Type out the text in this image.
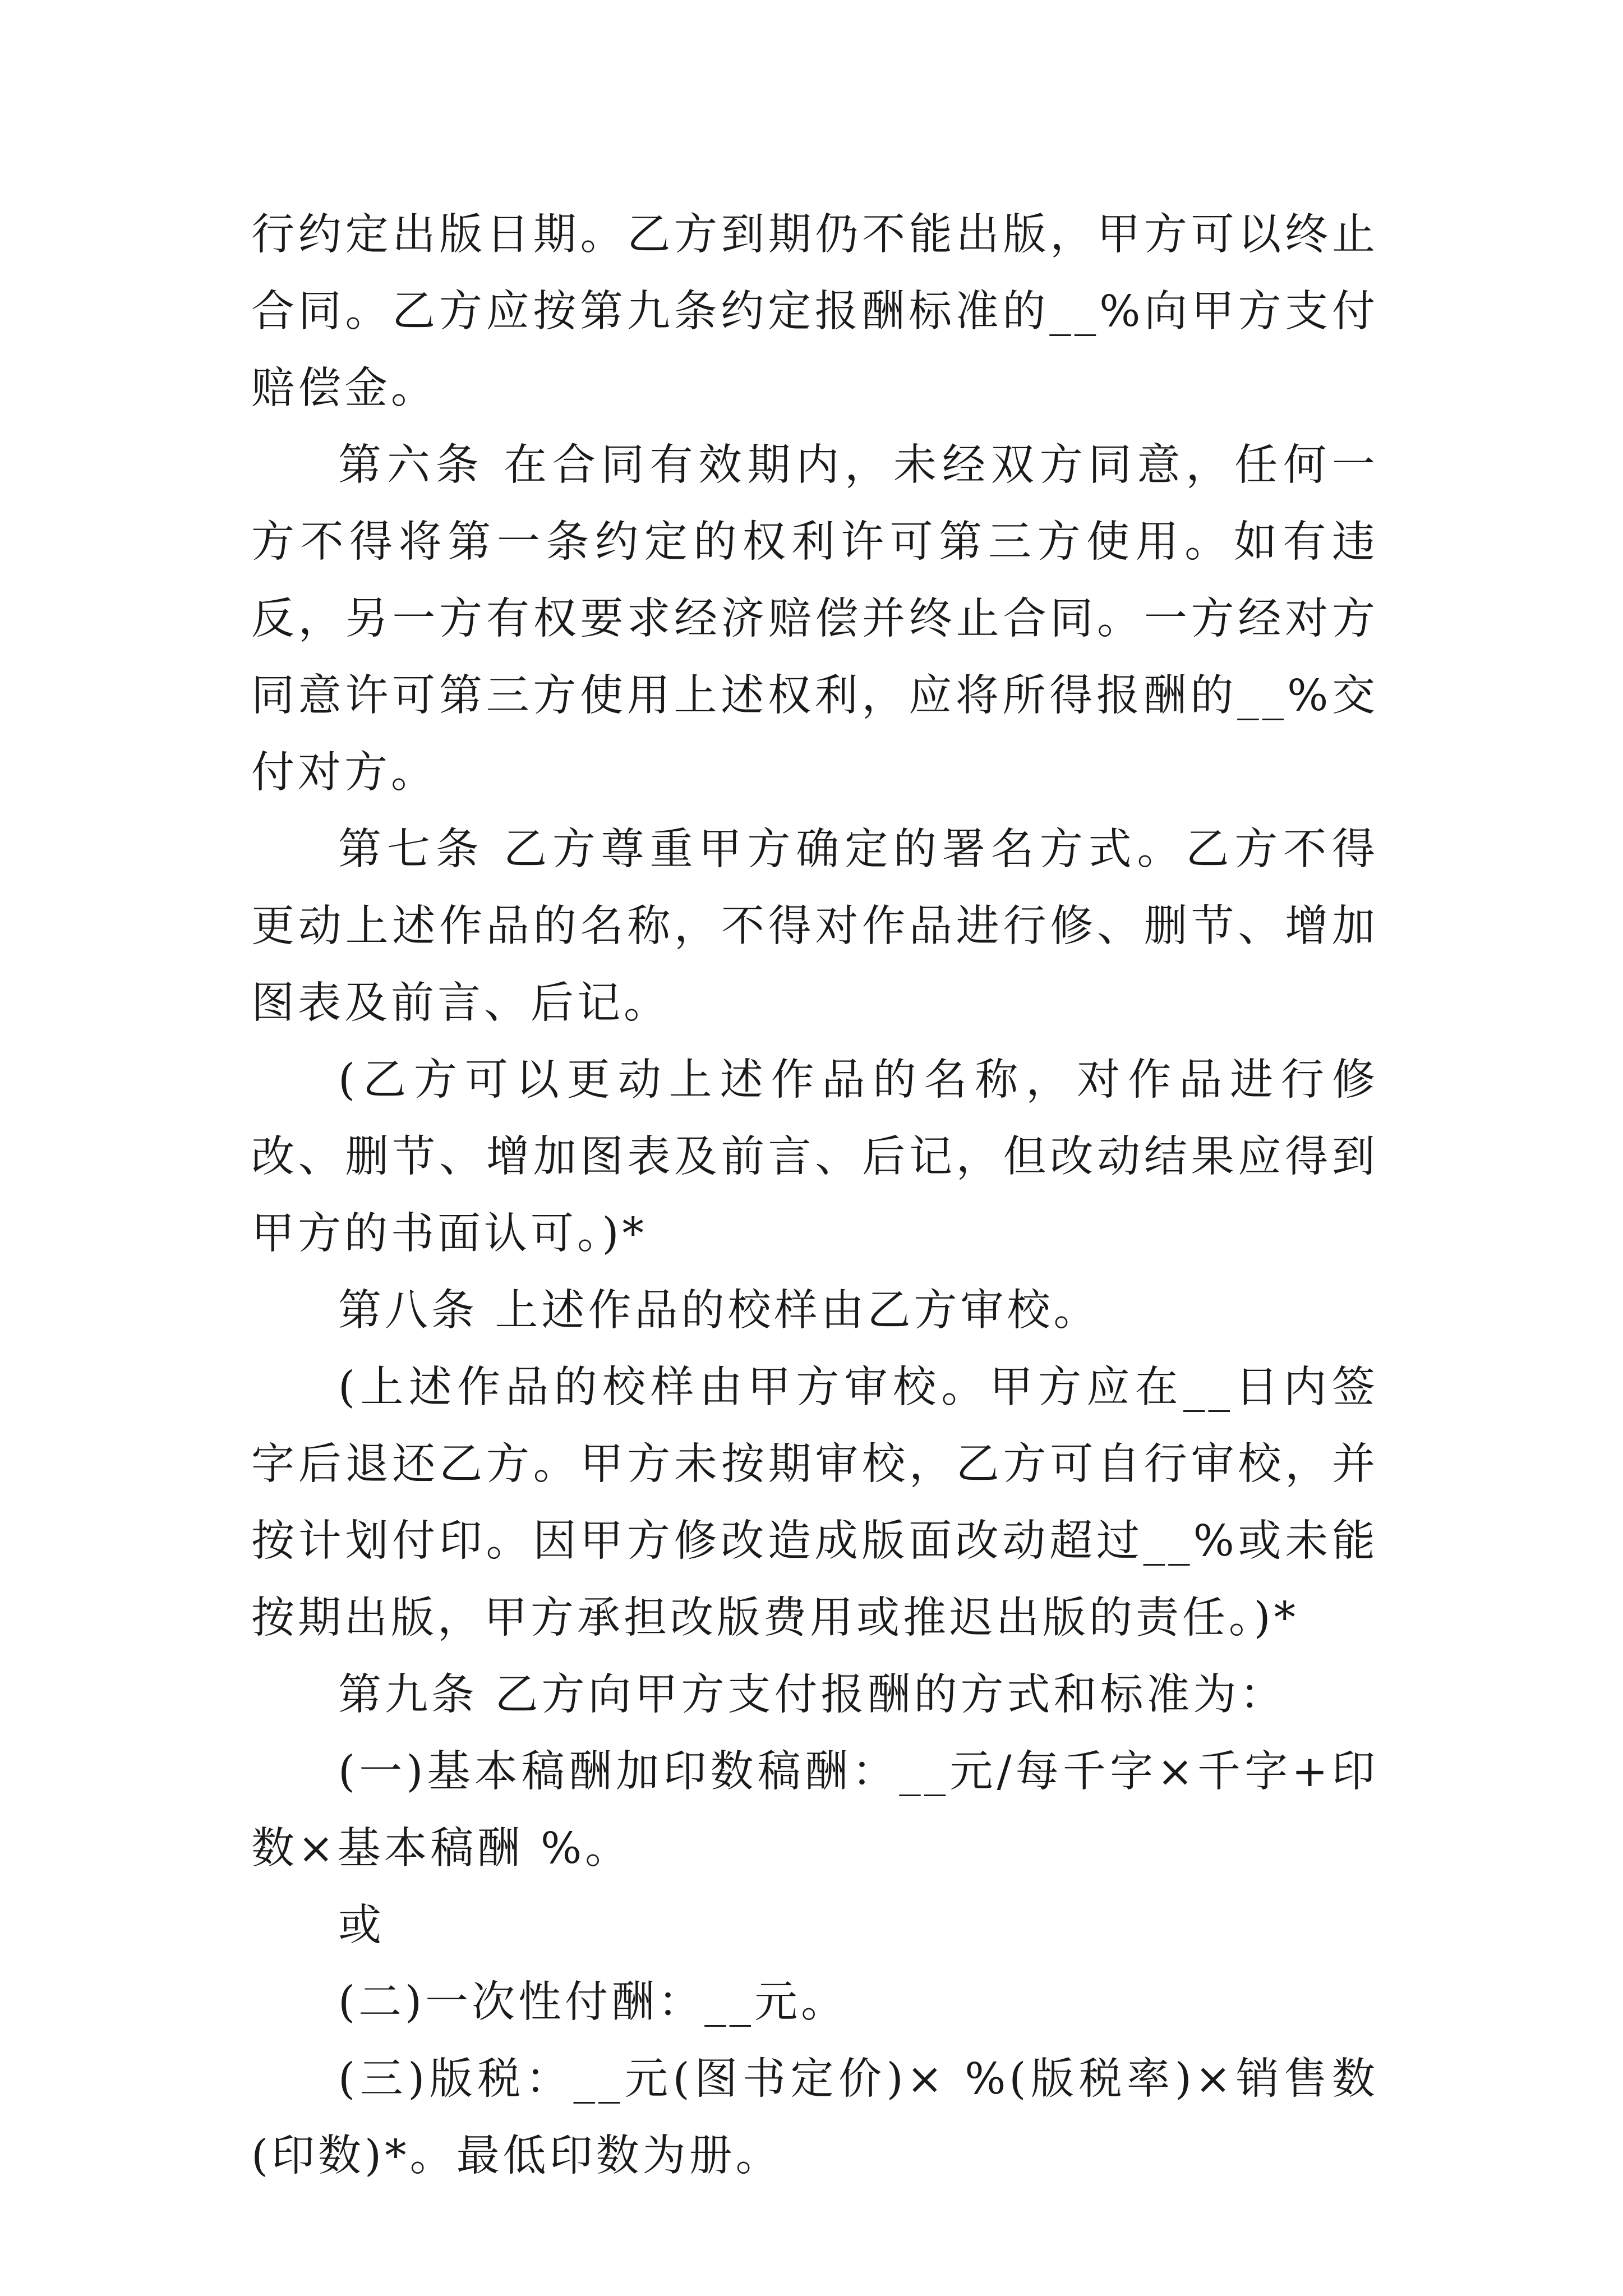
行约定出版日期。乙方到期仍不能出版，甲方可以终止合同。乙方应按第九条约定报酬标准的__%向甲方支付赔偿金。

第六条 在合同有效期内，未经双方同意，任何一方不得将第一条约定的权利许可第三方使用。如有违反，另一方有权要求经济赔偿并终止合同。一方经对方同意许可第三方使用上述权利，应将所得报酬的__%交付对方。

第七条 乙方尊重甲方确定的署名方式。乙方不得更动上述作品的名称，不得对作品进行修、删节、增加图表及前言、后记。

(乙方可以更动上述作品的名称，对作品进行修改、删节、增加图表及前言、后记，但改动结果应得到甲方的书面认可。)*

第八条 上述作品的校样由乙方审校。

(上述作品的校样由甲方审校。甲方应在__日内签字后退还乙方。甲方未按期审校，乙方可自行审校，并按计划付印。因甲方修改造成版面改动超过__%或未能按期出版，甲方承担改版费用或推迟出版的责任。)*

第九条 乙方向甲方支付报酬的方式和标准为：

(一)基本稿酬加印数稿酬：__元/每千字×千字+印数×基本稿酬 %。

或

(二)一次性付酬：__元。

(三)版税：__元(图书定价)× %(版税率)×销售数(印数)*。最低印数为册。
